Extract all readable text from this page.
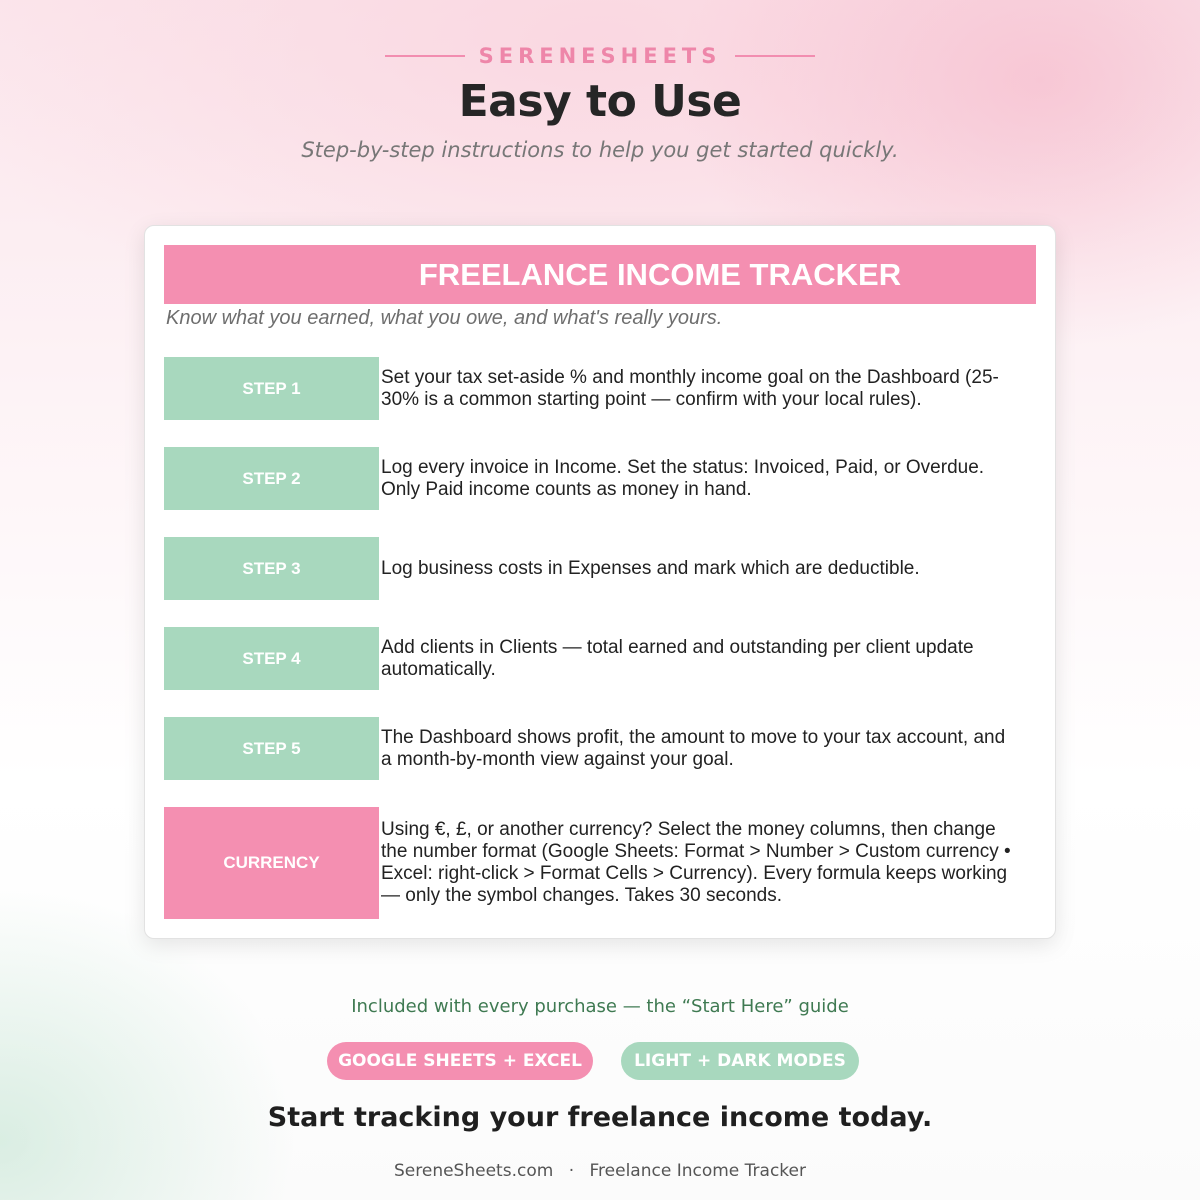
SERENESHEETS
Easy to Use
Step-by-step instructions to help you get started quickly.
FREELANCE INCOME TRACKER
Know what you earned, what you owe, and what's really yours.
STEP 1
Set your tax set-aside % and monthly income goal on the Dashboard (25-30% is a common starting point — confirm with your local rules).
STEP 2
Log every invoice in Income. Set the status: Invoiced, Paid, or Overdue. Only Paid income counts as money in hand.
STEP 3	Log business costs in Expenses and mark which are deductible.
STEP 4
Add clients in Clients — total earned and outstanding per client update automatically.
STEP 5
The Dashboard shows profit, the amount to move to your tax account, and a month-by-month view against your goal.
CURRENCY
Using €, £, or another currency? Select the money columns, then change the number format (Google Sheets: Format > Number > Custom currency • Excel: right-click > Format Cells > Currency). Every formula keeps working — only the symbol changes. Takes 30 seconds.
Included with every purchase — the “Start Here” guide
GOOGLE SHEETS + EXCEL	LIGHT + DARK MODES
Start tracking your freelance income today.
SereneSheets.com · Freelance Income Tracker
